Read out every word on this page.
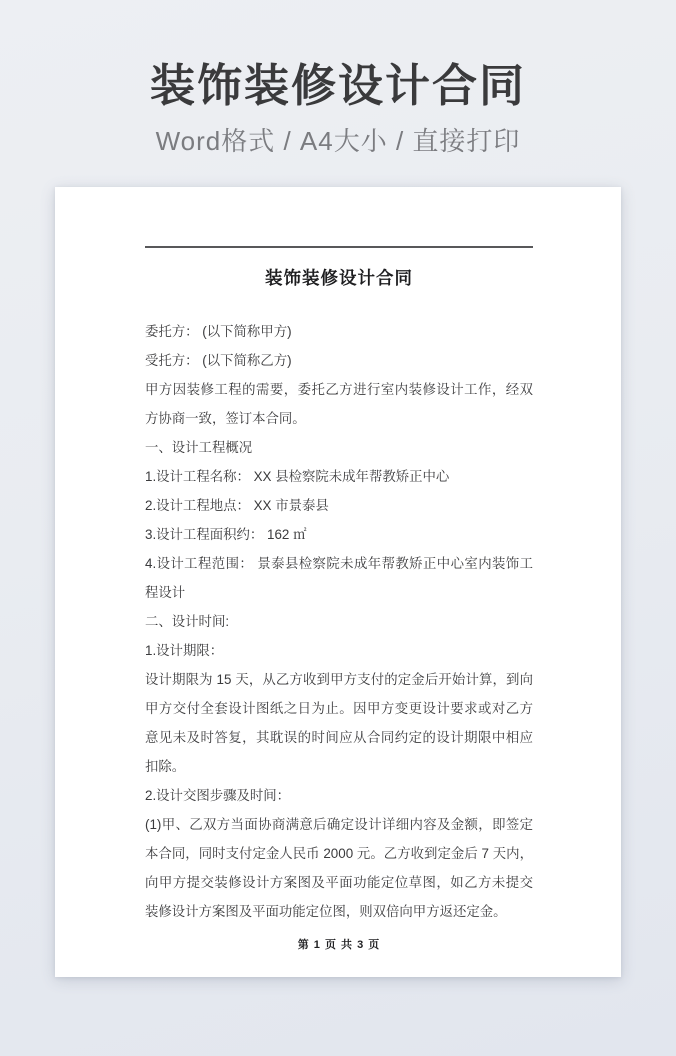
装饰装修设计合同
Word格式 / A4大小 / 直接打印
装饰装修设计合同

委托方： (以下简称甲方)

受托方： (以下简称乙方)

甲方因装修工程的需要，委托乙方进行室内装修设计工作，经双方协商一致，签订本合同。

一、设计工程概况

1.设计工程名称： XX 县检察院未成年帮教矫正中心

2.设计工程地点： XX 市景泰县

3.设计工程面积约： 162 ㎡

4.设计工程范围： 景泰县检察院未成年帮教矫正中心室内装饰工程设计

二、设计时间:

1.设计期限：

设计期限为 15 天，从乙方收到甲方支付的定金后开始计算，到向甲方交付全套设计图纸之日为止。因甲方变更设计要求或对乙方意见未及时答复，其耽误的时间应从合同约定的设计期限中相应扣除。

2.设计交图步骤及时间：

(1)甲、乙双方当面协商满意后确定设计详细内容及金额，即签定本合同，同时支付定金人民币 2000 元。乙方收到定金后 7 天内，向甲方提交装修设计方案图及平面功能定位草图，如乙方未提交装修设计方案图及平面功能定位图，则双倍向甲方返还定金。

第 1 页 共 3 页
